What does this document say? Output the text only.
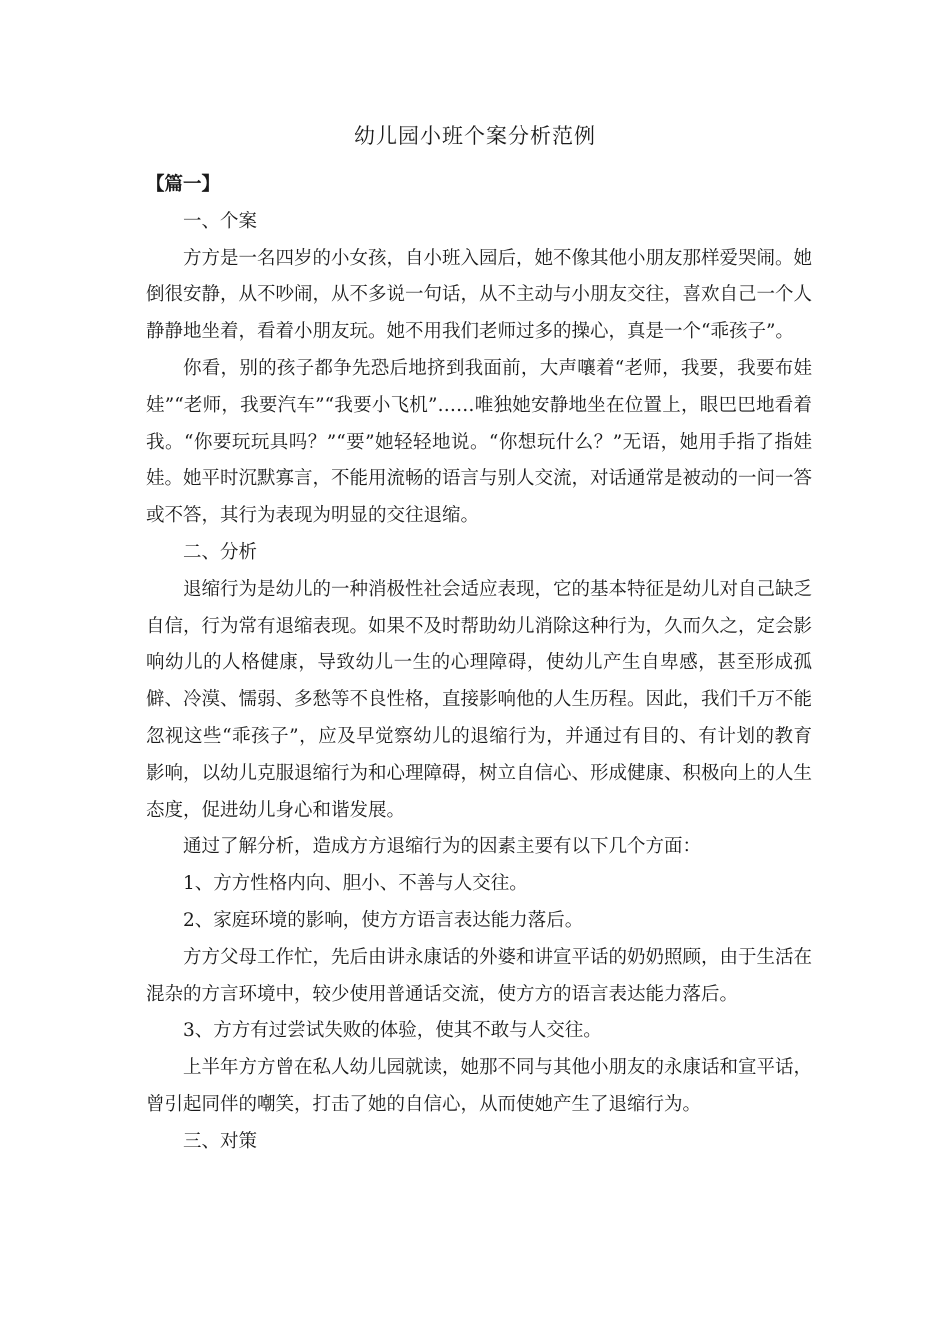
幼儿园小班个案分析范例

【篇一】

一、个案

方方是一名四岁的小女孩，自小班入园后，她不像其他小朋友那样爱哭闹。她倒很安静，从不吵闹，从不多说一句话，从不主动与小朋友交往，喜欢自己一个人静静地坐着，看着小朋友玩。她不用我们老师过多的操心，真是一个“乖孩子”。

你看，别的孩子都争先恐后地挤到我面前，大声嚷着“老师，我要，我要布娃娃”“老师，我要汽车”“我要小飞机”……唯独她安静地坐在位置上，眼巴巴地看着我。“你要玩玩具吗？”“要”她轻轻地说。“你想玩什么？”无语，她用手指了指娃娃。她平时沉默寡言，不能用流畅的语言与别人交流，对话通常是被动的一问一答或不答，其行为表现为明显的交往退缩。

二、分析

退缩行为是幼儿的一种消极性社会适应表现，它的基本特征是幼儿对自己缺乏自信，行为常有退缩表现。如果不及时帮助幼儿消除这种行为，久而久之，定会影响幼儿的人格健康，导致幼儿一生的心理障碍，使幼儿产生自卑感，甚至形成孤僻、冷漠、懦弱、多愁等不良性格，直接影响他的人生历程。因此，我们千万不能忽视这些“乖孩子”，应及早觉察幼儿的退缩行为，并通过有目的、有计划的教育影响，以幼儿克服退缩行为和心理障碍，树立自信心、形成健康、积极向上的人生态度，促进幼儿身心和谐发展。

通过了解分析，造成方方退缩行为的因素主要有以下几个方面：

1、方方性格内向、胆小、不善与人交往。

2、家庭环境的影响，使方方语言表达能力落后。

方方父母工作忙，先后由讲永康话的外婆和讲宣平话的奶奶照顾，由于生活在混杂的方言环境中，较少使用普通话交流，使方方的语言表达能力落后。

3、方方有过尝试失败的体验，使其不敢与人交往。

上半年方方曾在私人幼儿园就读，她那不同与其他小朋友的永康话和宣平话，曾引起同伴的嘲笑，打击了她的自信心，从而使她产生了退缩行为。

三、对策
